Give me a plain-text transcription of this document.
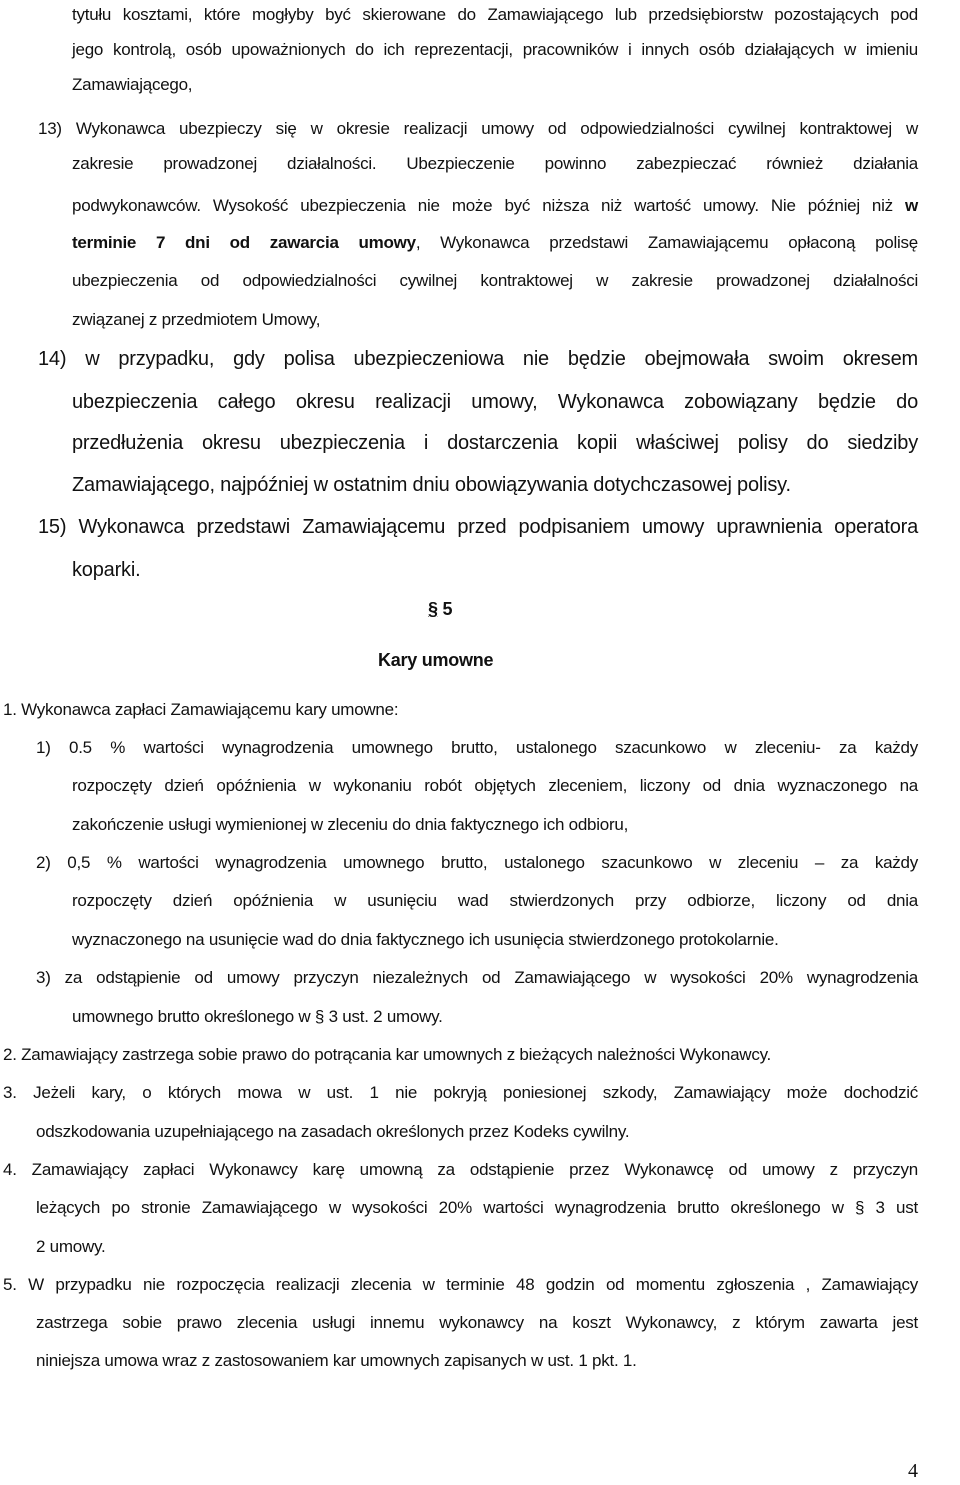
tytułu kosztami, które mogłyby być skierowane do Zamawiającego lub przedsiębiorstw pozostających pod
jego kontrolą, osób upoważnionych do ich reprezentacji, pracowników i innych osób działających w imieniu
Zamawiającego,
13) Wykonawca ubezpieczy się w okresie realizacji umowy od odpowiedzialności cywilnej kontraktowej w
zakresie prowadzonej działalności. Ubezpieczenie powinno zabezpieczać również działania
podwykonawców. Wysokość ubezpieczenia nie może być niższa niż wartość umowy. Nie później niż w
terminie 7 dni od zawarcia umowy, Wykonawca przedstawi Zamawiającemu opłaconą polisę
ubezpieczenia od odpowiedzialności cywilnej kontraktowej w zakresie prowadzonej działalności
związanej z przedmiotem Umowy,
14) w przypadku, gdy polisa ubezpieczeniowa nie będzie obejmowała swoim okresem
ubezpieczenia całego okresu realizacji umowy, Wykonawca zobowiązany będzie do
przedłużenia okresu ubezpieczenia i dostarczenia kopii właściwej polisy do siedziby
Zamawiającego, najpóźniej w ostatnim dniu obowiązywania dotychczasowej polisy.
15) Wykonawca przedstawi Zamawiającemu przed podpisaniem umowy uprawnienia operatora
koparki.
§ 5
Kary umowne
1. Wykonawca zapłaci Zamawiającemu kary umowne:
1) 0.5 % wartości wynagrodzenia umownego brutto, ustalonego szacunkowo w zleceniu- za każdy
rozpoczęty dzień opóźnienia w wykonaniu robót objętych zleceniem, liczony od dnia wyznaczonego na
zakończenie usługi wymienionej w zleceniu do dnia faktycznego ich odbioru,
2) 0,5 % wartości wynagrodzenia umownego brutto, ustalonego szacunkowo w zleceniu – za każdy
rozpoczęty dzień opóźnienia w usunięciu wad stwierdzonych przy odbiorze, liczony od dnia
wyznaczonego na usunięcie wad do dnia faktycznego ich usunięcia stwierdzonego protokolarnie.
3) za odstąpienie od umowy przyczyn niezależnych od Zamawiającego w wysokości 20% wynagrodzenia
umownego brutto określonego w § 3 ust. 2 umowy.
2. Zamawiający zastrzega sobie prawo do potrącania kar umownych z bieżących należności Wykonawcy.
3. Jeżeli kary, o których mowa w ust. 1 nie pokryją poniesionej szkody, Zamawiający może dochodzić
odszkodowania uzupełniającego na zasadach określonych przez Kodeks cywilny.
4. Zamawiający zapłaci Wykonawcy karę umowną za odstąpienie przez Wykonawcę od umowy z przyczyn
leżących po stronie Zamawiającego w wysokości 20% wartości wynagrodzenia brutto określonego w § 3 ust
2 umowy.
5. W przypadku nie rozpoczęcia realizacji zlecenia w terminie 48 godzin od momentu zgłoszenia , Zamawiający
zastrzega sobie prawo zlecenia usługi innemu wykonawcy na koszt Wykonawcy, z którym zawarta jest
niniejsza umowa wraz z zastosowaniem kar umownych zapisanych w ust. 1 pkt. 1.
4
